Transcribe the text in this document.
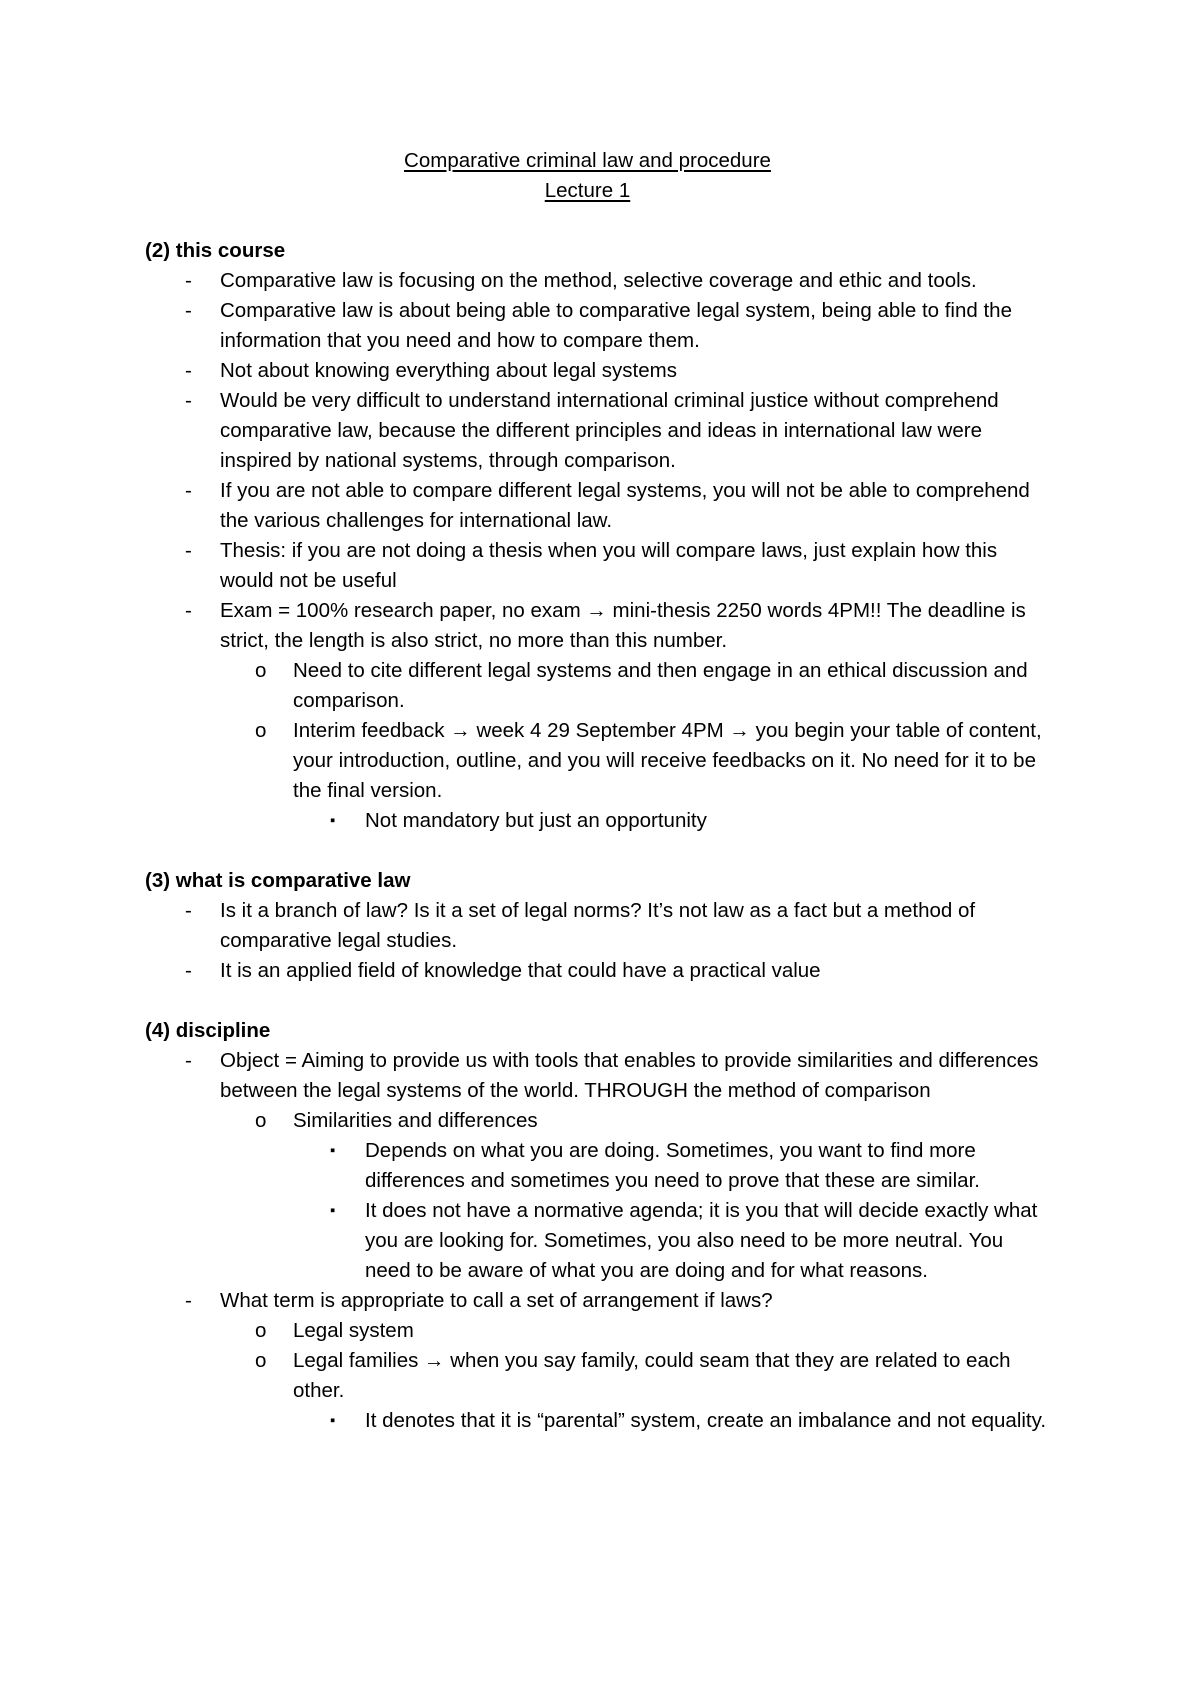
Comparative criminal law and procedure
Lecture 1
(2) this course
- Comparative law is focusing on the method, selective coverage and ethic and tools.
- Comparative law is about being able to comparative legal system, being able to find the information that you need and how to compare them.
- Not about knowing everything about legal systems
- Would be very difficult to understand international criminal justice without comprehend comparative law, because the different principles and ideas in international law were inspired by national systems, through comparison.
- If you are not able to compare different legal systems, you will not be able to comprehend the various challenges for international law.
- Thesis: if you are not doing a thesis when you will compare laws, just explain how this would not be useful
- Exam = 100% research paper, no exam → mini-thesis 2250 words 4PM!! The deadline is strict, the length is also strict, no more than this number.
o Need to cite different legal systems and then engage in an ethical discussion and comparison.
o Interim feedback → week 4 29 September 4PM → you begin your table of content, your introduction, outline, and you will receive feedbacks on it. No need for it to be the final version.
▪ Not mandatory but just an opportunity
(3) what is comparative law
- Is it a branch of law? Is it a set of legal norms? It’s not law as a fact but a method of comparative legal studies.
- It is an applied field of knowledge that could have a practical value
(4) discipline
- Object = Aiming to provide us with tools that enables to provide similarities and differences between the legal systems of the world. THROUGH the method of comparison
o Similarities and differences
▪ Depends on what you are doing. Sometimes, you want to find more differences and sometimes you need to prove that these are similar.
▪ It does not have a normative agenda; it is you that will decide exactly what you are looking for. Sometimes, you also need to be more neutral. You need to be aware of what you are doing and for what reasons.
- What term is appropriate to call a set of arrangement if laws?
o Legal system
o Legal families → when you say family, could seam that they are related to each other.
▪ It denotes that it is “parental” system, create an imbalance and not equality.
